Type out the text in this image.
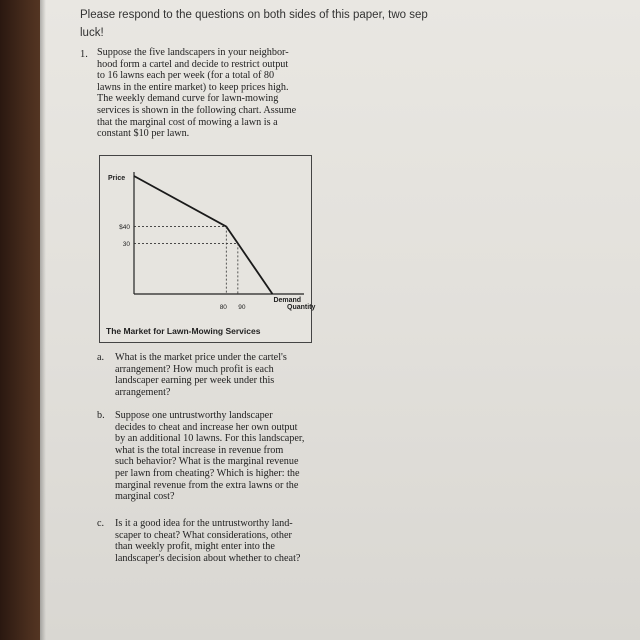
Please respond to the questions on both sides of this paper, two sep
luck!
1. Suppose the five landscapers in your neighbor-
hood form a cartel and decide to restrict output
to 16 lawns each per week (for a total of 80
lawns in the entire market) to keep prices high.
The weekly demand curve for lawn-mowing
services is shown in the following chart. Assume
that the marginal cost of mowing a lawn is a
constant $10 per lawn.
Price
Quantity
Demand
$40
30
80 90
The Market for Lawn-Mowing Services
a. What is the market price under the cartel's
arrangement? How much profit is each
landscaper earning per week under this
arrangement?
b. Suppose one untrustworthy landscaper
decides to cheat and increase her own output
by an additional 10 lawns. For this landscaper,
what is the total increase in revenue from
such behavior? What is the marginal revenue
per lawn from cheating? Which is higher: the
marginal revenue from the extra lawns or the
marginal cost?
c. Is it a good idea for the untrustworthy land-
scaper to cheat? What considerations, other
than weekly profit, might enter into the
landscaper's decision about whether to cheat?
